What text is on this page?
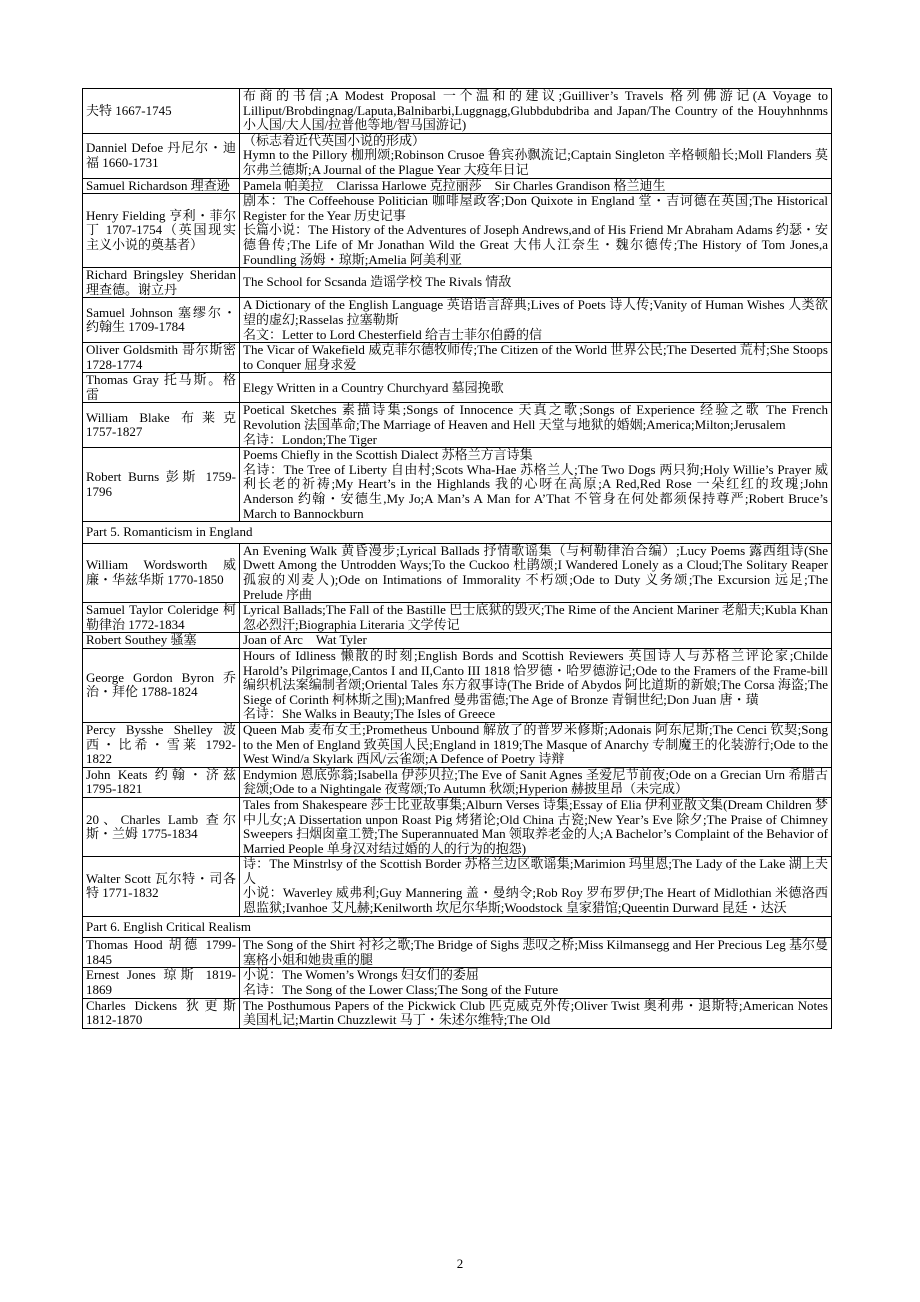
夫特 1667-1745	布商的书信;A Modest Proposal 一个温和的建议;Guilliver’s Travels 格列佛游记(A Voyage to Lilliput/Brobdingnag/Laputa,Balnibarbi,Luggnagg,Glubbdubdriba and Japan/The Country of the Houyhnhnms 小人国/大人国/拉普他等地/智马国游记)

Danniel Defoe 丹尼尔・迪福 1660-1731	（标志着近代英国小说的形成）
Hymn to the Pillory 枷刑颂;Robinson Crusoe 鲁宾孙飘流记;Captain Singleton 辛格顿船长;Moll Flanders 莫尔弗兰德斯;A Journal of the Plague Year 大疫年日记

Samuel Richardson 理查逊	Pamela 帕美拉　Clarissa Harlowe 克拉丽莎　Sir Charles Grandison 格兰迪生

Henry Fielding 亨利・菲尔丁 1707-1754（英国现实主义小说的奠基者）	剧本：The Coffeehouse Politician 咖啡屋政客;Don Quixote in England 堂・吉诃德在英国;The Historical Register for the Year 历史记事
长篇小说：The History of the Adventures of Joseph Andrews,and of His Friend Mr Abraham Adams 约瑟・安德鲁传;The Life of Mr Jonathan Wild the Great 大伟人江奈生・魏尔德传;The History of Tom Jones,a Foundling 汤姆・琼斯;Amelia 阿美利亚

Richard Bringsley Sheridan 理查德。谢立丹	The School for Scsanda 造谣学校 The Rivals 情敌

Samuel Johnson 塞缪尔・约翰生 1709-1784	A Dictionary of the English Language 英语语言辞典;Lives of Poets 诗人传;Vanity of Human Wishes 人类欲望的虚幻;Rasselas 拉塞勒斯
名文：Letter to Lord Chesterfield 给吉士菲尔伯爵的信

Oliver Goldsmith 哥尔斯密 1728-1774	The Vicar of Wakefield 威克菲尔德牧师传;The Citizen of the World 世界公民;The Deserted 荒村;She Stoops to Conquer 屈身求爱

Thomas Gray 托马斯。格雷	Elegy Written in a Country Churchyard 墓园挽歌

William Blake 布莱克 1757-1827	Poetical Sketches 素描诗集;Songs of Innocence 天真之歌;Songs of Experience 经验之歌 The French Revolution 法国革命;The Marriage of Heaven and Hell 天堂与地狱的婚姻;America;Milton;Jerusalem
名诗：London;The Tiger

Robert Burns 彭斯 1759-1796	Poems Chiefly in the Scottish Dialect 苏格兰方言诗集
名诗：The Tree of Liberty 自由村;Scots Wha-Hae 苏格兰人;The Two Dogs 两只狗;Holy Willie’s Prayer 威利长老的祈祷;My Heart’s in the Highlands 我的心呀在高原;A Red,Red Rose 一朵红红的玫瑰;John Anderson 约翰・安德生,My Jo;A Man’s A Man for A’That 不管身在何处都须保持尊严;Robert Bruce’s March to Bannockburn

Part 5. Romanticism in England	
William Wordsworth 威廉・华兹华斯 1770-1850	An Evening Walk 黄昏漫步;Lyrical Ballads 抒情歌谣集（与柯勒律治合编）;Lucy Poems 露西组诗(She Dwett Among the Untrodden Ways;To the Cuckoo 杜鹃颂;I Wandered Lonely as a Cloud;The Solitary Reaper 孤寂的刈麦人);Ode on Intimations of Immorality 不朽颂;Ode to Duty 义务颂;The Excursion 远足;The Prelude 序曲

Samuel Taylor Coleridge 柯勒律治 1772-1834	Lyrical Ballads;The Fall of the Bastille 巴士底狱的毁灭;The Rime of the Ancient Mariner 老船夫;Kubla Khan 忽必烈汗;Biographia Literaria 文学传记

Robert Southey 骚塞	Joan of Arc　Wat Tyler

George Gordon Byron 乔治・拜伦 1788-1824	Hours of Idliness 懒散的时刻;English Bords and Scottish Reviewers 英国诗人与苏格兰评论家;Childe Harold’s Pilgrimage,Cantos I and II,Canto III 1818 恰罗德・哈罗德游记;Ode to the Framers of the Frame-bill 编织机法案编制者颂;Oriental Tales 东方叙事诗(The Bride of Abydos 阿比道斯的新娘;The Corsa 海盗;The Siege of Corinth 柯林斯之围);Manfred 曼弗雷德;The Age of Bronze 青铜世纪;Don Juan 唐・璜
名诗：She Walks in Beauty;The Isles of Greece

Percy Bysshe Shelley 波西・比希・雪莱 1792-1822	Queen Mab 麦布女王;Prometheus Unbound 解放了的普罗米修斯;Adonais 阿东尼斯;The Cenci 钦契;Song to the Men of England 致英国人民;England in 1819;The Masque of Anarchy 专制魔王的化装游行;Ode to the West Wind/a Skylark 西风/云雀颂;A Defence of Poetry 诗辩

John Keats 约翰・济兹 1795-1821	Endymion 恩底弥翁;Isabella 伊莎贝拉;The Eve of Sanit Agnes 圣爱尼节前夜;Ode on a Grecian Urn 希腊古瓮颂;Ode to a Nightingale 夜莺颂;To Autumn 秋颂;Hyperion 赫披里昂（未完成）

20、Charles Lamb 查尔斯・兰姆 1775-1834	Tales from Shakespeare 莎士比亚故事集;Alburn Verses 诗集;Essay of Elia 伊利亚散文集(Dream Children 梦中儿女;A Dissertation unpon Roast Pig 烤猪论;Old China 古瓷;New Year’s Eve 除夕;The Praise of Chimney Sweepers 扫烟囱童工赞;The Superannuated Man 领取养老金的人;A Bachelor’s Complaint of the Behavior of Married People 单身汉对结过婚的人的行为的抱怨)

Walter Scott 瓦尔特・司各特 1771-1832	诗：The Minstrlsy of the Scottish Border 苏格兰边区歌谣集;Marimion 玛里恩;The Lady of the Lake 湖上夫人
小说：Waverley 威弗利;Guy Mannering 盖・曼纳令;Rob Roy 罗布罗伊;The Heart of Midlothian 米德洛西恩监狱;Ivanhoe 艾凡赫;Kenilworth 坎尼尔华斯;Woodstock 皇家猎馆;Queentin Durward 昆廷・达沃

Part 6. English Critical Realism	
Thomas Hood 胡德 1799-1845	The Song of the Shirt 衬衫之歌;The Bridge of Sighs 悲叹之桥;Miss Kilmansegg and Her Precious Leg 基尔曼塞格小姐和她贵重的腿

Ernest Jones 琼斯 1819-1869	小说：The Women’s Wrongs 妇女们的委屈
名诗：The Song of the Lower Class;The Song of the Future

Charles Dickens 狄更斯 1812-1870	The Posthumous Papers of the Pickwick Club 匹克威克外传;Oliver Twist 奥利弗・退斯特;American Notes 美国札记;Martin Chuzzlewit 马丁・朱述尔维特;The Old
2
